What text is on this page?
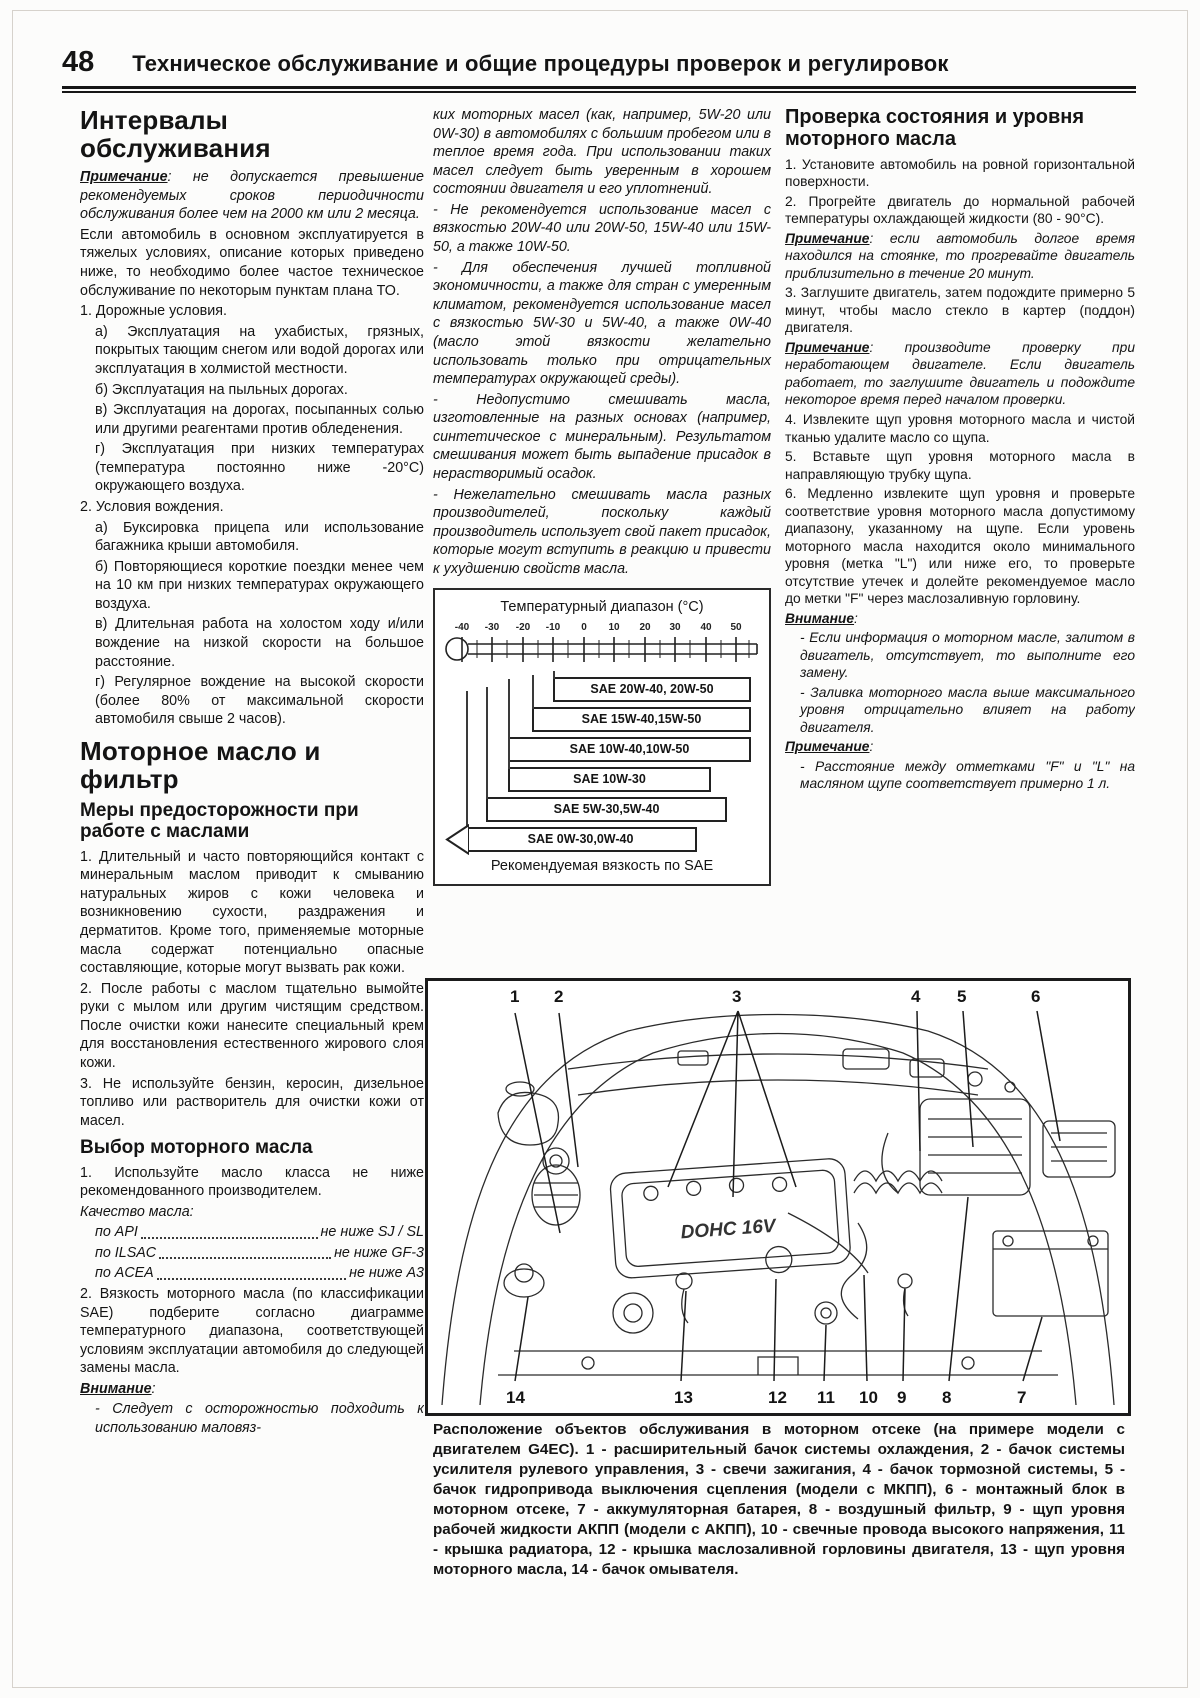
48 Техническое обслуживание и общие процедуры проверок и регулировок
Интервалы обслуживания

Примечание: не допускается превышение рекомендуемых сроков периодичности обслуживания более чем на 2000 км или 2 месяца.

Если автомобиль в основном эксплуатируется в тяжелых условиях, описание которых приведено ниже, то необходимо более частое техническое обслуживание по некоторым пунктам плана ТО.

1. Дорожные условия.

а) Эксплуатация на ухабистых, грязных, покрытых тающим снегом или водой дорогах или эксплуатация в холмистой местности.

б) Эксплуатация на пыльных дорогах.

в) Эксплуатация на дорогах, посыпанных солью или другими реагентами против обледенения.

г) Эксплуатация при низких температурах (температура постоянно ниже -20°С) окружающего воздуха.

2. Условия вождения.

а) Буксировка прицепа или использование багажника крыши автомобиля.

б) Повторяющиеся короткие поездки менее чем на 10 км при низких температурах окружающего воздуха.

в) Длительная работа на холостом ходу и/или вождение на низкой скорости на большое расстояние.

г) Регулярное вождение на высокой скорости (более 80% от максимальной скорости автомобиля свыше 2 часов).

Моторное масло и фильтр
Меры предосторожности при работе с маслами

1. Длительный и часто повторяющийся контакт с минеральным маслом приводит к смыванию натуральных жиров с кожи человека и возникновению сухости, раздражения и дерматитов. Кроме того, применяемые моторные масла содержат потенциально опасные составляющие, которые могут вызвать рак кожи.

2. После работы с маслом тщательно вымойте руки с мылом или другим чистящим средством. После очистки кожи нанесите специальный крем для восстановления естественного жирового слоя кожи.

3. Не используйте бензин, керосин, дизельное топливо или растворитель для очистки кожи от масел.

Выбор моторного масла

1. Используйте масло класса не ниже рекомендованного производителем.

Качество масла:

по API	не ниже SJ / SL
по ILSAC	не ниже GF-3
по ACEA	не ниже A3

2. Вязкость моторного масла (по классификации SAE) подберите согласно диаграмме температурного диапазона, соответствующей условиям эксплуатации автомобиля до следующей замены масла.

Внимание:

- Следует с осторожностью подходить к использованию маловяз-

ких моторных масел (как, например, 5W-20 или 0W-30) в автомобилях с большим пробегом или в теплое время года. При использовании таких масел следует быть уверенным в хорошем состоянии двигателя и его уплотнений.

- Не рекомендуется использование масел с вязкостью 20W-40 или 20W-50, 15W-40 или 15W-50, а также 10W-50.

- Для обеспечения лучшей топливной экономичности, а также для стран с умеренным климатом, рекомендуется использование масел с вязкостью 5W-30 и 5W-40, а также 0W-40 (масло этой вязкости желательно использовать только при отрицательных температурах окружающей среды).

- Недопустимо смешивать масла, изготовленные на разных основах (например, синтетическое с минеральным). Результатом смешивания может быть выпадение присадок в нерастворимый осадок.

- Нежелательно смешивать масла разных производителей, поскольку каждый производитель использует свой пакет присадок, которые могут вступить в реакцию и привести к ухудшению свойств масла.

Температурный диапазон (°С)

-40 -30 -20 -10 0 10 20 30 40 50
SAE 20W-40, 20W-50
SAE 15W-40,15W-50
SAE 10W-40,10W-50
SAE 10W-30
SAE 5W-30,5W-40
SAE 0W-30,0W-40

Рекомендуемая вязкость по SAE

Проверка состояния и уровня моторного масла

1. Установите автомобиль на ровной горизонтальной поверхности.

2. Прогрейте двигатель до нормальной рабочей температуры охлаждающей жидкости (80 - 90°С).

Примечание: если автомобиль долгое время находился на стоянке, то прогревайте двигатель приблизительно в течение 20 минут.

3. Заглушите двигатель, затем подождите примерно 5 минут, чтобы масло стекло в картер (поддон) двигателя.

Примечание: производите проверку при неработающем двигателе. Если двигатель работает, то заглушите двигатель и подождите некоторое время перед началом проверки.

4. Извлеките щуп уровня моторного масла и чистой тканью удалите масло со щупа.

5. Вставьте щуп уровня моторного масла в направляющую трубку щупа.

6. Медленно извлеките щуп уровня и проверьте соответствие уровня моторного масла допустимому диапазону, указанному на щупе. Если уровень моторного масла находится около минимального уровня (метка "L") или ниже его, то проверьте отсутствие утечек и долейте рекомендуемое масло до метки "F" через маслозаливную горловину.

Внимание:

- Если информация о моторном масле, залитом в двигатель, отсутствует, то выполните его замену.

- Заливка моторного масла выше максимального уровня отрицательно влияет на работу двигателя.

Примечание:

- Расстояние между отметками "F" и "L" на масляном щупе соответствует примерно 1 л.

DOHC 16V
1 2	3	4 5	6
14	13	12 11 10 9 8	7
Расположение объектов обслуживания в моторном отсеке (на примере модели с двигателем G4EC). 1 - расширительный бачок системы охлаждения, 2 - бачок системы усилителя рулевого управления, 3 - свечи зажигания, 4 - бачок тормозной системы, 5 - бачок гидропривода выключения сцепления (модели с МКПП), 6 - монтажный блок в моторном отсеке, 7 - аккумуляторная батарея, 8 - воздушный фильтр, 9 - щуп уровня рабочей жидкости АКПП (модели с АКПП), 10 - свечные провода высокого напряжения, 11 - крышка радиатора, 12 - крышка маслозаливной горловины двигателя, 13 - щуп уровня моторного масла, 14 - бачок омывателя.
